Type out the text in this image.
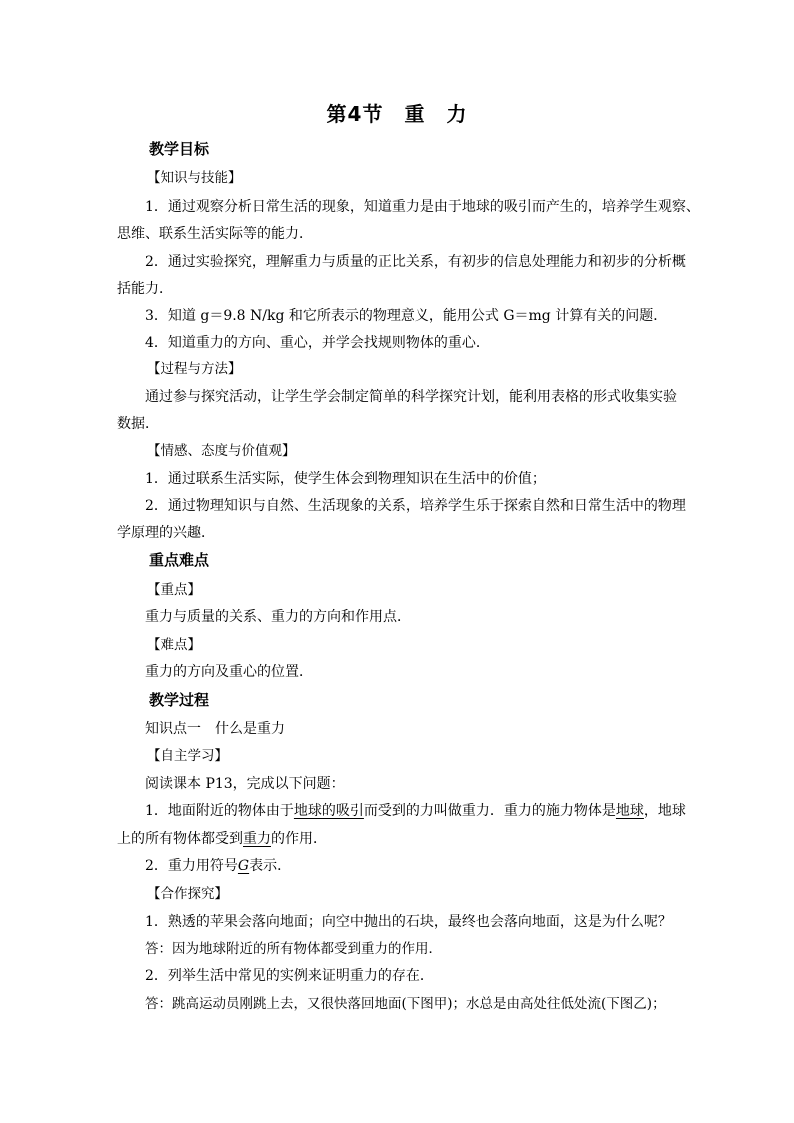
第4节　重　力
教学目标
【知识与技能】
1．通过观察分析日常生活的现象，知道重力是由于地球的吸引而产生的，培养学生观察、
思维、联系生活实际等的能力．
2．通过实验探究，理解重力与质量的正比关系，有初步的信息处理能力和初步的分析概
括能力．
3．知道 g＝9.8 N/kg 和它所表示的物理意义，能用公式 G＝mg 计算有关的问题．
4．知道重力的方向、重心，并学会找规则物体的重心．
【过程与方法】
通过参与探究活动，让学生学会制定简单的科学探究计划，能利用表格的形式收集实验
数据．
【情感、态度与价值观】
1．通过联系生活实际，使学生体会到物理知识在生活中的价值；
2．通过物理知识与自然、生活现象的关系，培养学生乐于探索自然和日常生活中的物理
学原理的兴趣．
重点难点
【重点】
重力与质量的关系、重力的方向和作用点．
【难点】
重力的方向及重心的位置．
教学过程
知识点一　什么是重力
【自主学习】
阅读课本 P13，完成以下问题：
1．地面附近的物体由于地球的吸引而受到的力叫做重力．重力的施力物体是地球，地球
上的所有物体都受到重力的作用．
2．重力用符号G表示．
【合作探究】
1．熟透的苹果会落向地面；向空中抛出的石块，最终也会落向地面，这是为什么呢？
答：因为地球附近的所有物体都受到重力的作用．
2．列举生活中常见的实例来证明重力的存在．
答：跳高运动员刚跳上去，又很快落回地面(下图甲)；水总是由高处往低处流(下图乙)；
